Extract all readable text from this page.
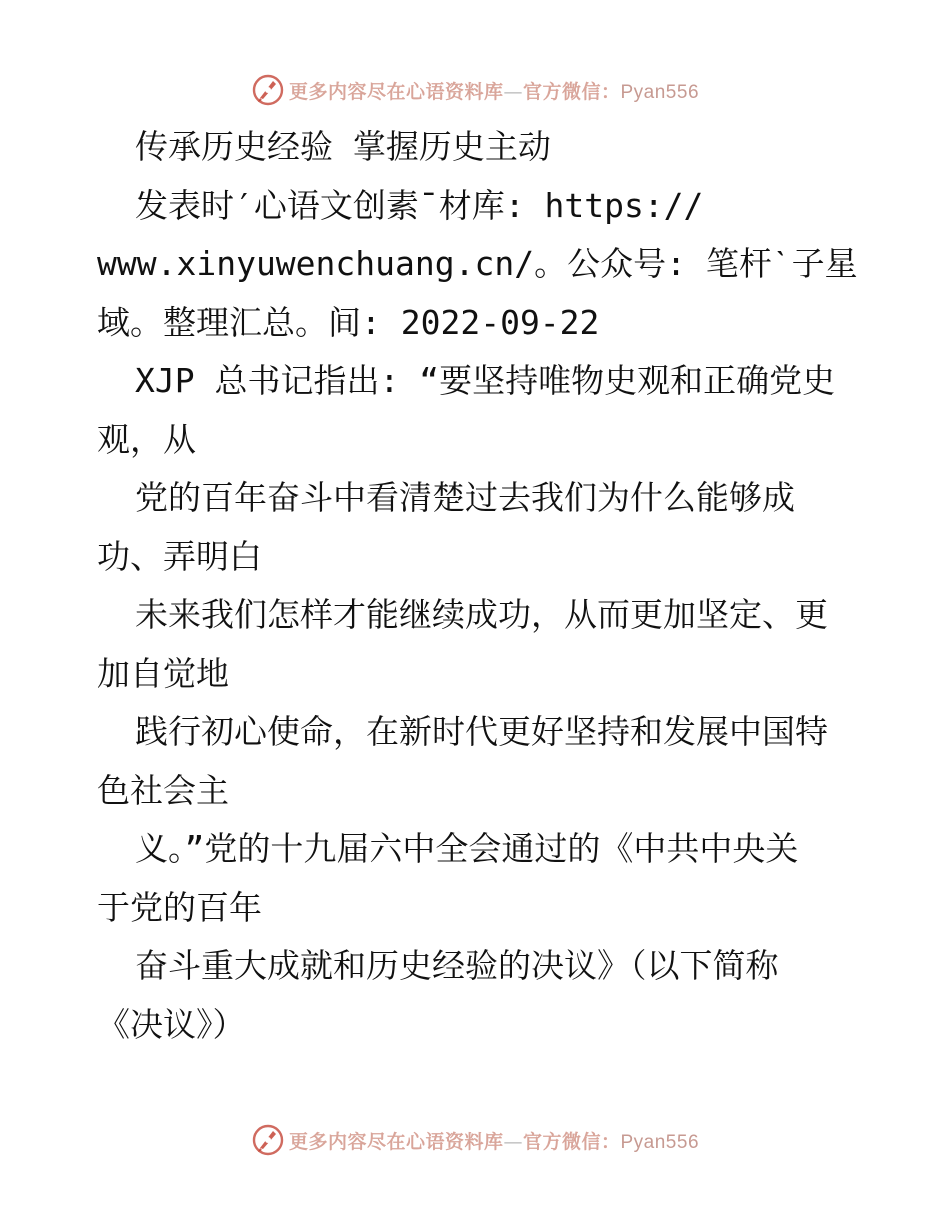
更多内容尽在心语资料库—官方微信：Pyan556
传承历史经验 掌握历史主动
发表时′心语文创素¯材库: https://
www.xinyuwenchuang.cn/。公众号: 笔杆ˋ子星
域。整理汇总。间: 2022-09-22
XJP 总书记指出: “要坚持唯物史观和正确党史
观，从
党的百年奋斗中看清楚过去我们为什么能够成
功、弄明白
未来我们怎样才能继续成功，从而更加坚定、更
加自觉地
践行初心使命，在新时代更好坚持和发展中国特
色社会主
义。”党的十九届六中全会通过的《中共中央关
于党的百年
奋斗重大成就和历史经验的决议》（以下简称
《决议》）
更多内容尽在心语资料库—官方微信：Pyan556
